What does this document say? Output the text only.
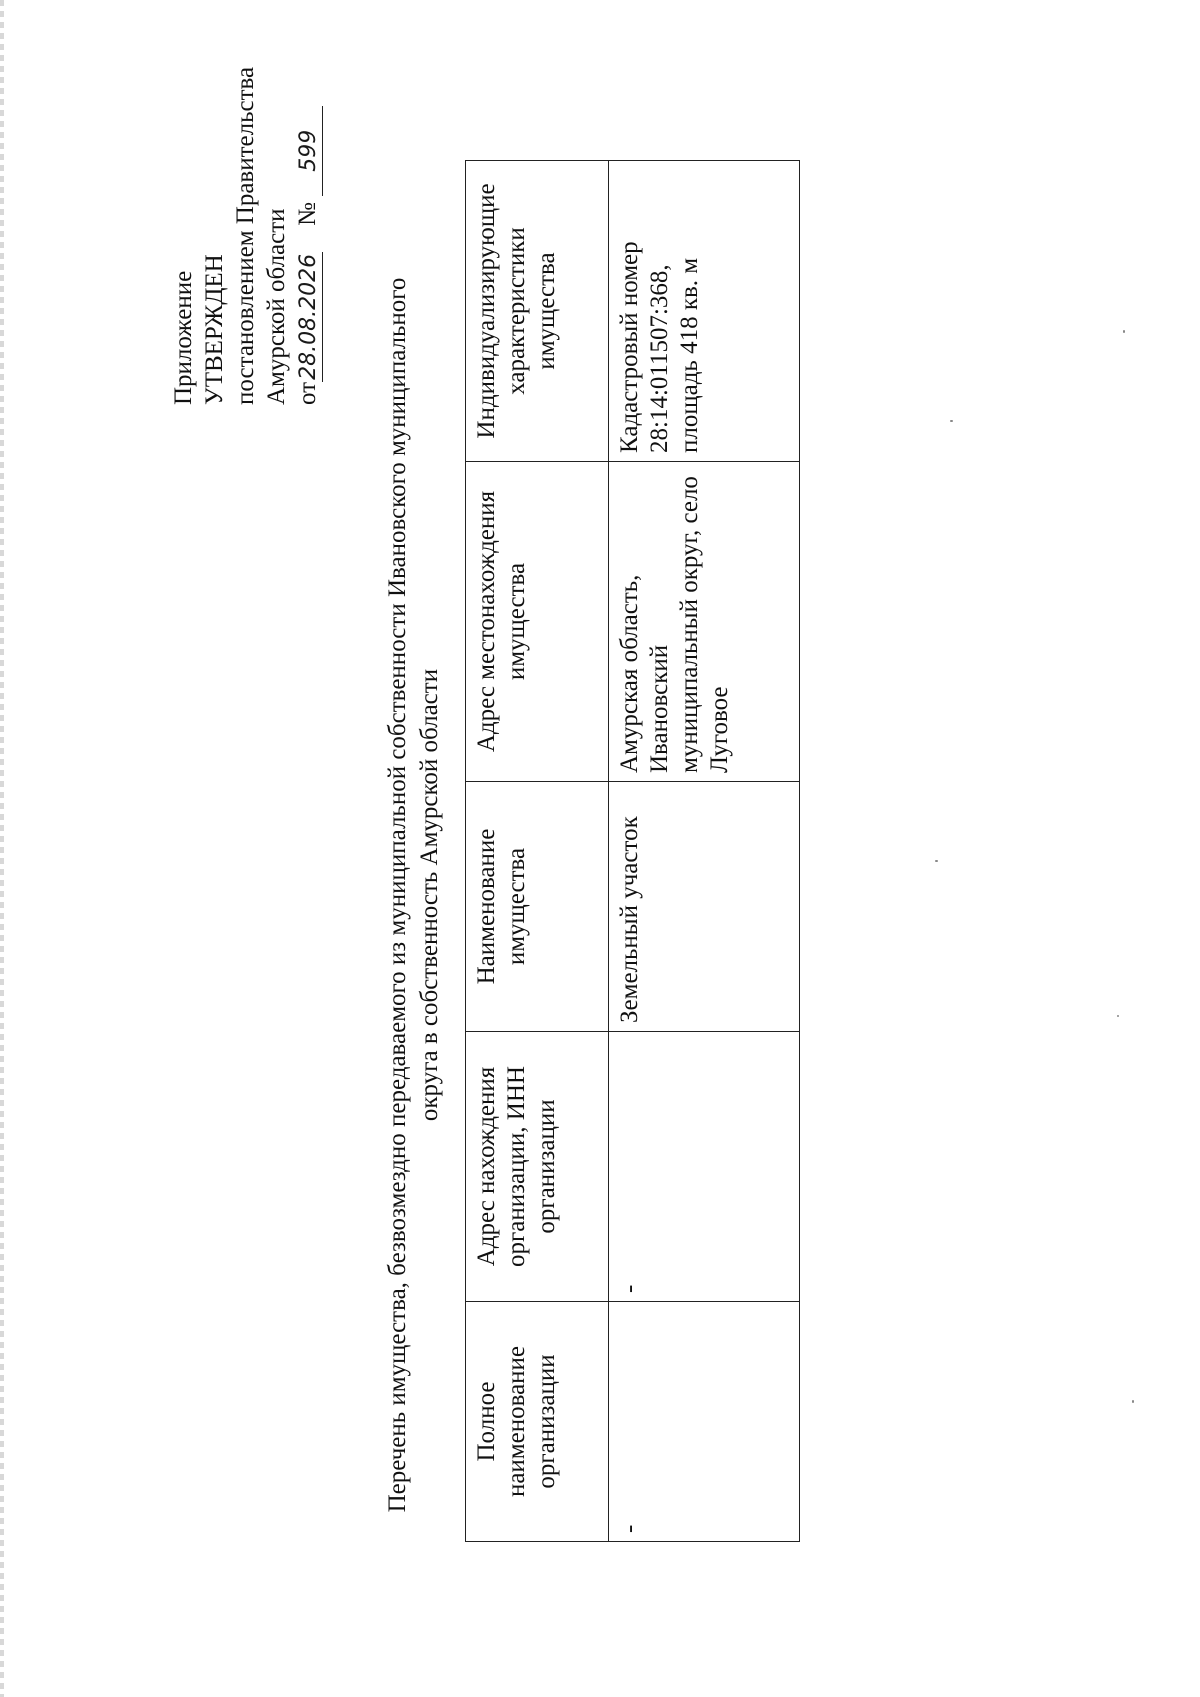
Приложение УТВЕРЖДЕН постановлением Правительства Амурской области от28.08.2026№ 599
Перечень имущества, безвозмездно передаваемого из муниципальной собственности Ивановского муниципального округа в собственность Амурской области
Полное наименование организации	Адрес нахождения организации, ИНН организации	Наименование имущества	Адрес местонахождения имущества	Индивидуализирующие характеристики имущества
-	-	Земельный участок	Амурская область, Ивановский муниципальный округ, село Луговое	Кадастровый номер 28:14:011507:368, площадь 418 кв. м
